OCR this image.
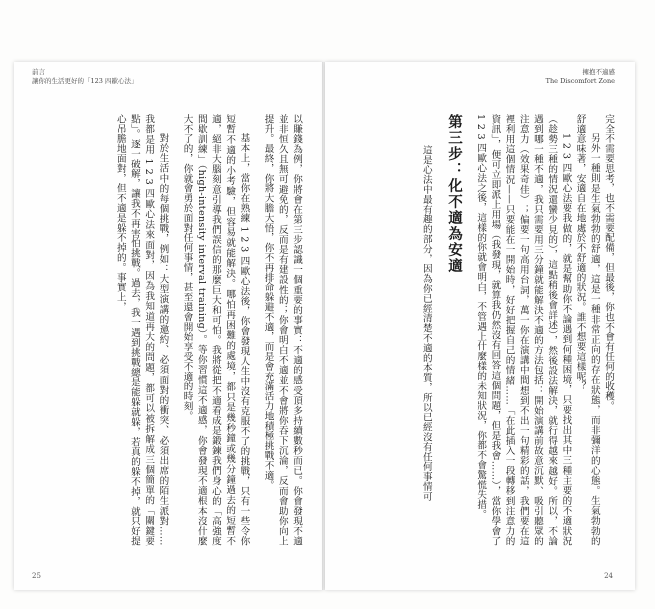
前言
讓你的生活更好的「123 四歐心法」

以賺錢為例，你將會在第三步認識一個重要的事實：不適的感受頂多持續數秒而已。你會發現不適並非恒久且無可避免的，反而是有建設性的；你會明白不適並不會將你吞下沉淪，反而會助你向上提升。最終，你將大膽大悟，你不再排命躲避不適，而是會充滿活力地積極挑戰不適。

基本上，當你在熟練 1 2 3 四歐心法後，你會發現人生中沒有克服不了的挑戰，只有一些令你短暫不適的小考驗，但容易就能解決。哪怕再困難的處境，都只是幾秒鐘或幾分鐘過去的短暫不適，絕非大腦刻意引導我們誤信的那麼巨大和可怕。我將從把不適看成是鍛鍊我們身心的「高強度間歇訓練」（high-intensity interval training）。等你習慣這不適感，你會發現不適根本沒什麼大不了的，你就會勇於面對任何事情，甚至還會開始享受不適的時刻。

對於生活中的每個挑戰，例如：大型演講的邀約、必須面對的衝突、必須出席的陌生派對……我都是用 1 2 3 四歐心法來面對，因為我知道再大的問題，都可以被拆解成三個簡單的「關鍵要點」。逐一破解，讓我不再害怕挑戰。過去，我一遇到挑戰總是能躲就躲，若真的躲不掉，就只好提心吊膽地面對，但不適是躲不掉的。事實上，

25
擁抱不適感
The Discomfort Zone

完全不需要思考，也不需要配備，但最後，你也不會有任何的收穫。

另外一種則是生氣勃勃的舒適，這是一種非常正向的存在狀態，而非彌洋的心態。生氣勃勃的舒適意味著，安適自在地處於不舒適的狀況。誰不想要這樣呢？

1 2 3 四歐心法要我做的，就是幫助你不論遇到何種困境，只要找出其中三種主要的不適狀況（趁勢三種的情況還蠻少見的），這點稍後會詳述），然後設法解決，就行得越來越好。所以，不論遇到哪一種不適，我只需要用三分鐘就能解決不適的方法包括：開始演講前故意沉默、吸引聽眾的注意力（效果奇佳）；偏要一句高用台詞，萬一你在演講中間想到不出一句精彩的話，我們要在這裡利用這個情況——只要能在一開始時，好好把握自己的情緒……「在此插入一段轉移到注意力的資訊」，便可立即派上用場（我發現，就算我仍然沒有回答這個問題，但是我會……），當你學會了 1 2 3 四歐心法之後，這樣的你就會明白，不管遇上什麼樣的未知狀況，你都不會驚慌失措。

第三步：化不適為安適

這是心法中最有趣的部分，因為你已經清楚不適的本質，所以已經沒有任何事情可

24
